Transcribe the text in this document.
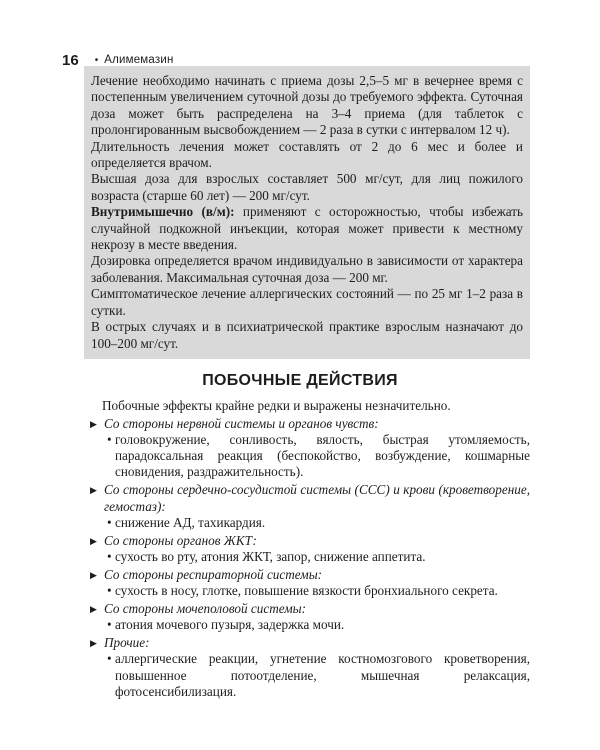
16 • Алимемазин

Лечение необходимо начинать с приема дозы 2,5–5 мг в вечернее время с постепенным увеличением суточной дозы до требуемого эффекта. Суточная доза может быть распределена на 3–4 приема (для таблеток с пролонгированным высвобождением — 2 раза в сутки с интервалом 12 ч).

Длительность лечения может составлять от 2 до 6 мес и более и определяется врачом.

Высшая доза для взрослых составляет 500 мг/сут, для лиц пожилого возраста (старше 60 лет) — 200 мг/сут.

Внутримышечно (в/м): применяют с осторожностью, чтобы избежать случайной подкожной инъекции, которая может привести к местному некрозу в месте введения.

Дозировка определяется врачом индивидуально в зависимости от характера заболевания. Максимальная суточная доза — 200 мг.

Симптоматическое лечение аллергических состояний — по 25 мг 1–2 раза в сутки.

В острых случаях и в психиатрической практике взрослым назначают до 100–200 мг/сут.

ПОБОЧНЫЕ ДЕЙСТВИЯ

Побочные эффекты крайне редки и выражены незначительно.

▶ Со стороны нервной системы и органов чувств:

• головокружение, сонливость, вялость, быстрая утомляемость, парадоксальная реакция (беспокойство, возбуждение, кошмарные сновидения, раздражительность).

▶ Со стороны сердечно-сосудистой системы (ССС) и крови (кроветворение, гемостаз):

• снижение АД, тахикардия.

▶ Со стороны органов ЖКТ:

• сухость во рту, атония ЖКТ, запор, снижение аппетита.

▶ Со стороны респираторной системы:

• сухость в носу, глотке, повышение вязкости бронхиального секрета.

▶ Со стороны мочеполовой системы:

• атония мочевого пузыря, задержка мочи.

▶ Прочие:

• аллергические реакции, угнетение костномозгового кроветворения, повышенное потоотделение, мышечная релаксация, фотосенсибилизация.
